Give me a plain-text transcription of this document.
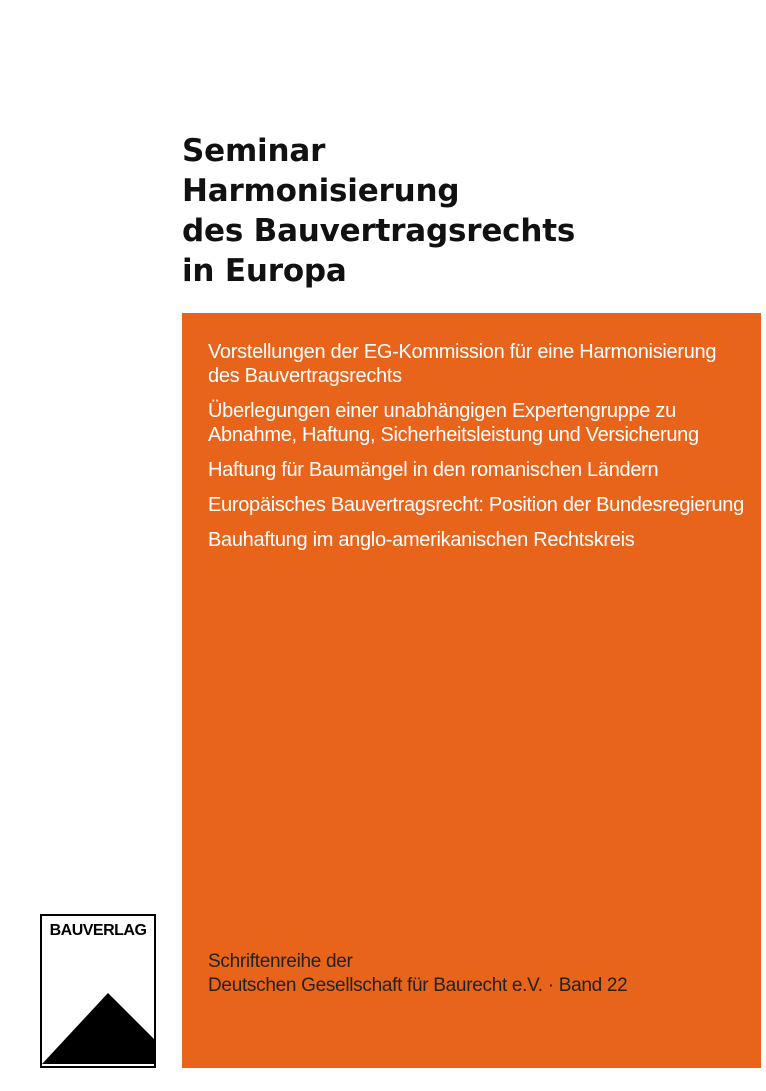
Seminar
Harmonisierung
des Bauvertragsrechts
in Europa
Vorstellungen der EG-Kommission für eine Harmonisierung des Bauvertragsrechts
Überlegungen einer unabhängigen Expertengruppe zu Abnahme, Haftung, Sicherheitsleistung und Versicherung
Haftung für Baumängel in den romanischen Ländern
Europäisches Bauvertragsrecht: Position der Bundesregierung
Bauhaftung im anglo-amerikanischen Rechtskreis
Schriftenreihe der
Deutschen Gesellschaft für Baurecht e.V. · Band 22
BAUVERLAG
